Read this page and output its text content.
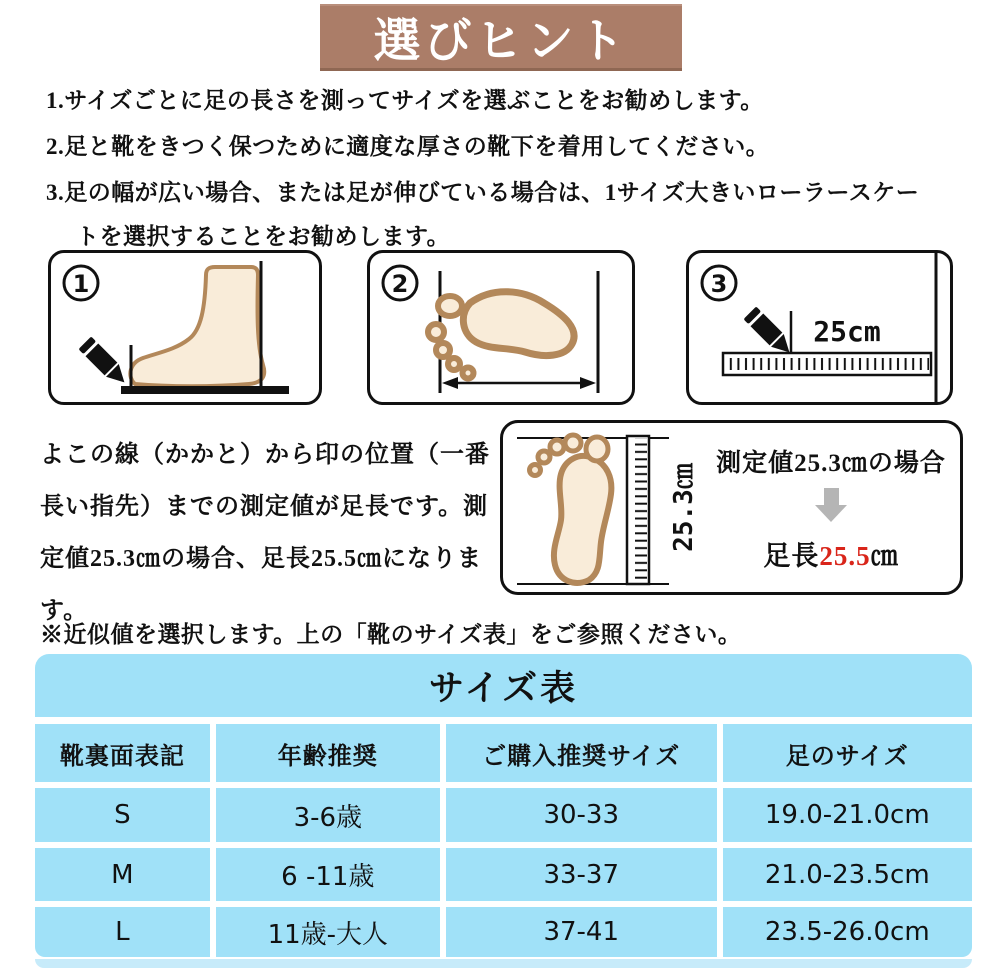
選びヒント
1.サイズごとに足の長さを測ってサイズを選ぶことをお勧めします。
2.足と靴をきつく保つために適度な厚さの靴下を着用してください。
3.足の幅が広い場合、または足が伸びている場合は、1サイズ大きいローラースケー
トを選択することをお勧めします。
1	2	3
25cm
よこの線（かかと）から印の位置（一番
長い指先）までの測定値が足長です。測
定値25.3㎝の場合、足長25.5㎝になりま
す。
25.3㎝ 測定値25.3㎝の場合
足長25.5㎝
※近似値を選択します。上の「靴のサイズ表」をご参照ください。
サイズ表
靴裏面表記	年齢推奨	ご購入推奨サイズ	足のサイズ
S	3-6歳	30-33	19.0-21.0cm
M	6 -11歳	33-37	21.0-23.5cm
L	11歳-大人	37-41	23.5-26.0cm
